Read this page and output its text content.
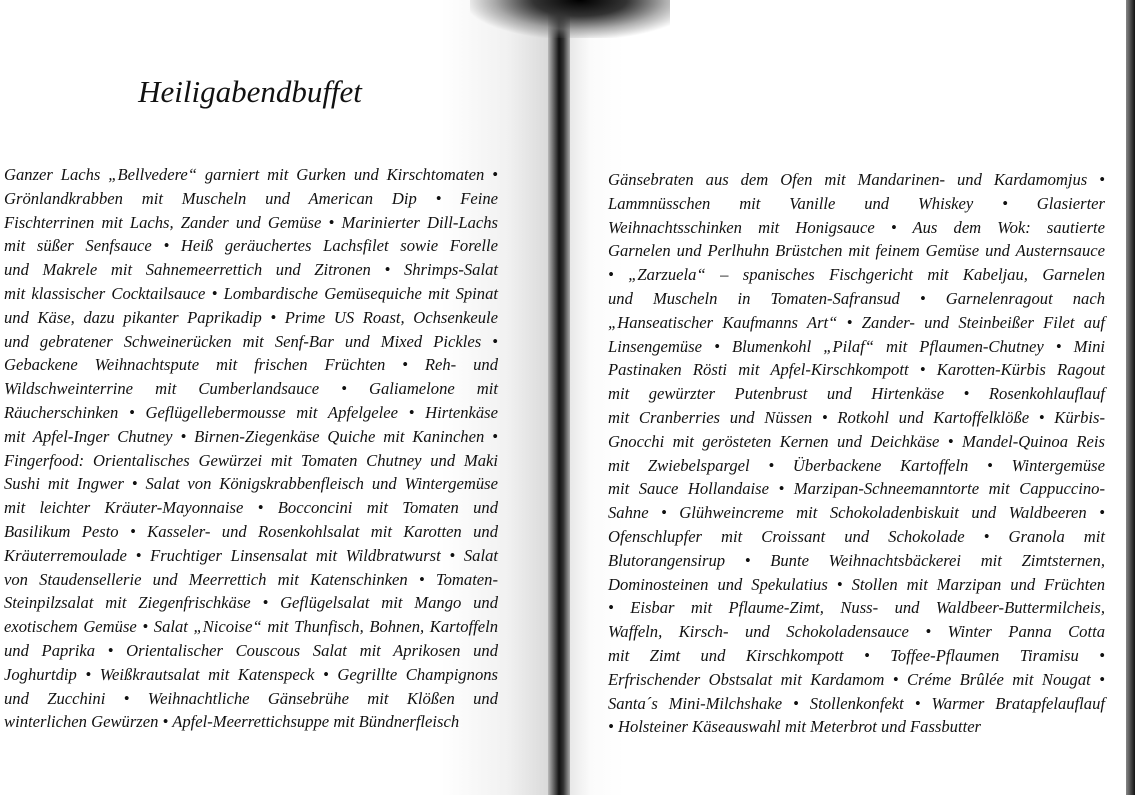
Heiligabendbuffet
Ganzer Lachs „Bellvedere“ garniert mit Gurken und Kirschtomaten •
Grönlandkrabben mit Muscheln und American Dip • Feine
Fischterrinen mit Lachs, Zander und Gemüse • Marinierter Dill-Lachs
mit süßer Senfsauce • Heiß geräuchertes Lachsfilet sowie Forelle
und Makrele mit Sahnemeerrettich und Zitronen • Shrimps-Salat
mit klassischer Cocktailsauce • Lombardische Gemüsequiche mit Spinat
und Käse, dazu pikanter Paprikadip • Prime US Roast, Ochsenkeule
und gebratener Schweinerücken mit Senf-Bar und Mixed Pickles •
Gebackene Weihnachtspute mit frischen Früchten • Reh- und
Wildschweinterrine mit Cumberlandsauce • Galiamelone mit
Räucherschinken • Geflügellebermousse mit Apfelgelee • Hirtenkäse
mit Apfel-Inger Chutney • Birnen-Ziegenkäse Quiche mit Kaninchen •
Fingerfood: Orientalisches Gewürzei mit Tomaten Chutney und Maki
Sushi mit Ingwer • Salat von Königskrabbenfleisch und Wintergemüse
mit leichter Kräuter-Mayonnaise • Bocconcini mit Tomaten und
Basilikum Pesto • Kasseler- und Rosenkohlsalat mit Karotten und
Kräuterremoulade • Fruchtiger Linsensalat mit Wildbratwurst • Salat
von Staudensellerie und Meerrettich mit Katenschinken • Tomaten-
Steinpilzsalat mit Ziegenfrischkäse • Geflügelsalat mit Mango und
exotischem Gemüse • Salat „Nicoise“ mit Thunfisch, Bohnen, Kartoffeln
und Paprika • Orientalischer Couscous Salat mit Aprikosen und
Joghurtdip • Weißkrautsalat mit Katenspeck • Gegrillte Champignons
und Zucchini • Weihnachtliche Gänsebrühe mit Klößen und
winterlichen Gewürzen • Apfel-Meerrettichsuppe mit Bündnerfleisch
Gänsebraten aus dem Ofen mit Mandarinen- und Kardamomjus •
Lammnüsschen mit Vanille und Whiskey • Glasierter
Weihnachtsschinken mit Honigsauce • Aus dem Wok: sautierte
Garnelen und Perlhuhn Brüstchen mit feinem Gemüse und Austernsauce
• „Zarzuela“ – spanisches Fischgericht mit Kabeljau, Garnelen
und Muscheln in Tomaten-Safransud • Garnelenragout nach
„Hanseatischer Kaufmanns Art“ • Zander- und Steinbeißer Filet auf
Linsengemüse • Blumenkohl „Pilaf“ mit Pflaumen-Chutney • Mini
Pastinaken Rösti mit Apfel-Kirschkompott • Karotten-Kürbis Ragout
mit gewürzter Putenbrust und Hirtenkäse • Rosenkohlauflauf
mit Cranberries und Nüssen • Rotkohl und Kartoffelklöße • Kürbis-
Gnocchi mit gerösteten Kernen und Deichkäse • Mandel-Quinoa Reis
mit Zwiebelspargel • Überbackene Kartoffeln • Wintergemüse
mit Sauce Hollandaise • Marzipan-Schneemanntorte mit Cappuccino-
Sahne • Glühweincreme mit Schokoladenbiskuit und Waldbeeren •
Ofenschlupfer mit Croissant und Schokolade • Granola mit
Blutorangensirup • Bunte Weihnachtsbäckerei mit Zimtsternen,
Dominosteinen und Spekulatius • Stollen mit Marzipan und Früchten
• Eisbar mit Pflaume-Zimt, Nuss- und Waldbeer-Buttermilcheis,
Waffeln, Kirsch- und Schokoladensauce • Winter Panna Cotta
mit Zimt und Kirschkompott • Toffee-Pflaumen Tiramisu •
Erfrischender Obstsalat mit Kardamom • Créme Brûlée mit Nougat •
Santa´s Mini-Milchshake • Stollenkonfekt • Warmer Bratapfelauflauf
• Holsteiner Käseauswahl mit Meterbrot und Fassbutter
